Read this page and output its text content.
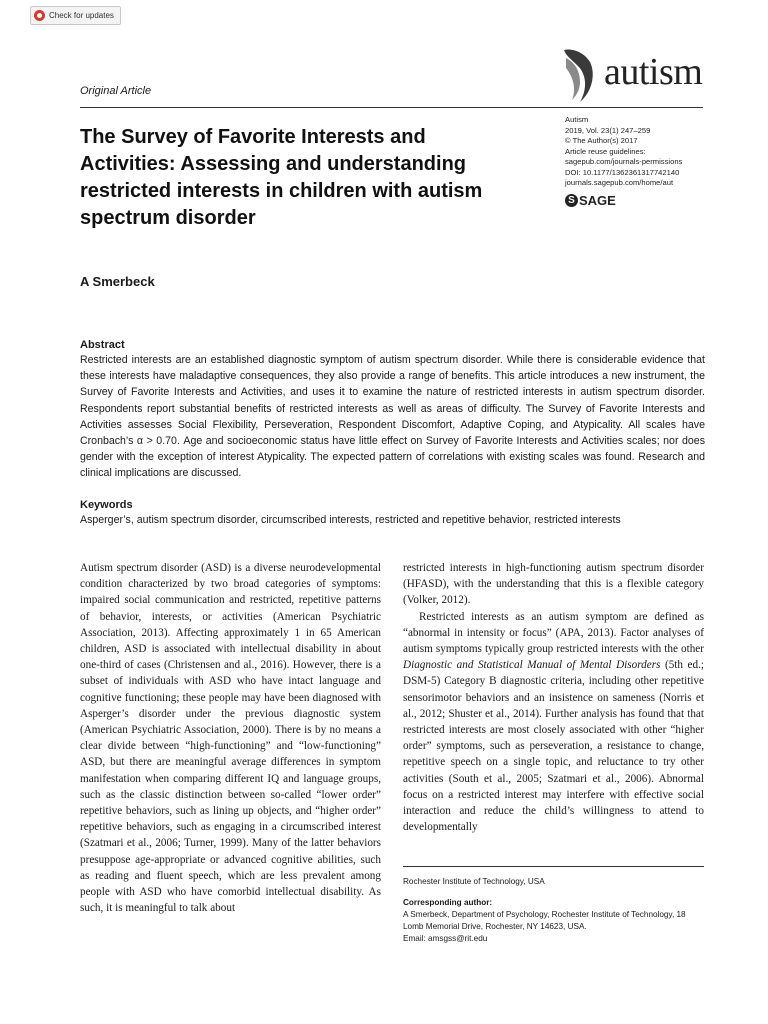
Check for updates
Original Article	autism
Autism
2019, Vol. 23(1) 247–259
© The Author(s) 2017
Article reuse guidelines:
sagepub.com/journals-permissions
DOI: 10.1177/1362361317742140
journals.sagepub.com/home/aut
S SAGE
The Survey of Favorite Interests and Activities: Assessing and understanding restricted interests in children with autism spectrum disorder
A Smerbeck
Abstract

Restricted interests are an established diagnostic symptom of autism spectrum disorder. While there is considerable evidence that these interests have maladaptive consequences, they also provide a range of benefits. This article introduces a new instrument, the Survey of Favorite Interests and Activities, and uses it to examine the nature of restricted interests in autism spectrum disorder. Respondents report substantial benefits of restricted interests as well as areas of difficulty. The Survey of Favorite Interests and Activities assesses Social Flexibility, Perseveration, Respondent Discomfort, Adaptive Coping, and Atypicality. All scales have Cronbach’s α > 0.70. Age and socioeconomic status have little effect on Survey of Favorite Interests and Activities scales; nor does gender with the exception of interest Atypicality. The expected pattern of correlations with existing scales was found. Research and clinical implications are discussed.

Keywords

Asperger’s, autism spectrum disorder, circumscribed interests, restricted and repetitive behavior, restricted interests

Autism spectrum disorder (ASD) is a diverse neurodevelopmental condition characterized by two broad categories of symptoms: impaired social communication and restricted, repetitive patterns of behavior, interests, or activities (American Psychiatric Association, 2013). Affecting approximately 1 in 65 American children, ASD is associated with intellectual disability in about one-third of cases (Christensen and al., 2016). However, there is a subset of individuals with ASD who have intact language and cognitive functioning; these people may have been diagnosed with Asperger’s disorder under the previous diagnostic system (American Psychiatric Association, 2000). There is by no means a clear divide between “high-functioning” and “low-functioning” ASD, but there are meaningful average differences in symptom manifestation when comparing different IQ and language groups, such as the classic distinction between so-called “lower order” repetitive behaviors, such as lining up objects, and “higher order” repetitive behaviors, such as engaging in a circumscribed interest (Szatmari et al., 2006; Turner, 1999). Many of the latter behaviors presuppose age-appropriate or advanced cognitive abilities, such as reading and fluent speech, which are less prevalent among people with ASD who have comorbid intellectual disability. As such, it is meaningful to talk about

restricted interests in high-functioning autism spectrum disorder (HFASD), with the understanding that this is a flexible category (Volker, 2012).

Restricted interests as an autism symptom are defined as “abnormal in intensity or focus” (APA, 2013). Factor analyses of autism symptoms typically group restricted interests with the other Diagnostic and Statistical Manual of Mental Disorders (5th ed.; DSM-5) Category B diagnostic criteria, including other repetitive sensorimotor behaviors and an insistence on sameness (Norris et al., 2012; Shuster et al., 2014). Further analysis has found that that restricted interests are most closely associated with other “higher order” symptoms, such as perseveration, a resistance to change, repetitive speech on a single topic, and reluctance to try other activities (South et al., 2005; Szatmari et al., 2006). Abnormal focus on a restricted interest may interfere with effective social interaction and reduce the child’s willingness to attend to developmentally

Rochester Institute of Technology, USA

Corresponding author:

A Smerbeck, Department of Psychology, Rochester Institute of Technology, 18 Lomb Memorial Drive, Rochester, NY 14623, USA.

Email: amsgss@rit.edu
